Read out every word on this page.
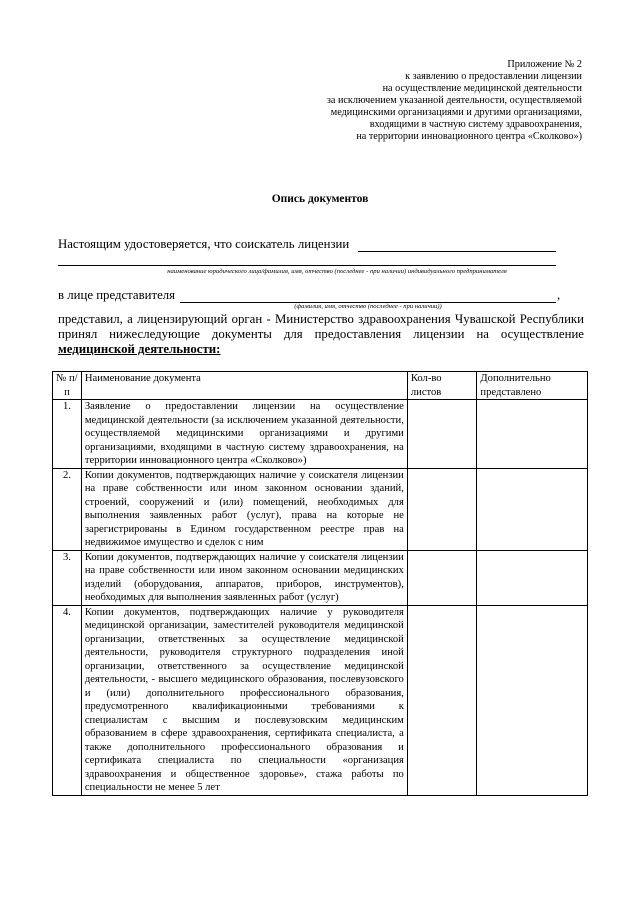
Приложение № 2
к заявлению о предоставлении лицензии
на осуществление медицинской деятельности
за исключением указанной деятельности, осуществляемой
медицинскими организациями и другими организациями,
входящими в частную систему здравоохранения,
на территории инновационного центра «Сколково»)
Опись документов
Настоящим удостоверяется, что соискатель лицензии
наименование юридического лица/фамилия, имя, отчество (последнее - при наличии) индивидуального предпринимателя
в лице представителя	,
(фамилия, имя, отчество (последнее - при наличии))
представил, а лицензирующий орган - Министерство здравоохранения Чувашской Республики
принял нижеследующие документы для предоставления лицензии на осуществление
медицинской деятельности:
№ п/п	Наименование документа	Кол-во листов	Дополнительно представлено
1.	Заявление о предоставлении лицензии на осуществление медицинской деятельности (за исключением указанной деятельности, осуществляемой медицинскими организациями и другими организациями, входящими в частную систему здравоохранения, на территории инновационного центра «Сколково»)		
2.	Копии документов, подтверждающих наличие у соискателя лицензии на праве собственности или ином законном основании зданий, строений, сооружений и (или) помещений, необходимых для выполнения заявленных работ (услуг), права на которые не зарегистрированы в Едином государственном реестре прав на недвижимое имущество и сделок с ним		
3.	Копии документов, подтверждающих наличие у соискателя лицензии на праве собственности или ином законном основании медицинских изделий (оборудования, аппаратов, приборов, инструментов), необходимых для выполнения заявленных работ (услуг)		
4.	Копии документов, подтверждающих наличие у руководителя медицинской организации, заместителей руководителя медицинской организации, ответственных за осуществление медицинской деятельности, руководителя структурного подразделения иной организации, ответственного за осуществление медицинской деятельности, - высшего медицинского образования, послевузовского и (или) дополнительного профессионального образования, предусмотренного квалификационными требованиями к специалистам с высшим и послевузовским медицинским образованием в сфере здравоохранения, сертификата специалиста, а также дополнительного профессионального образования и сертификата специалиста по специальности «организация здравоохранения и общественное здоровье», стажа работы по специальности не менее 5 лет		
